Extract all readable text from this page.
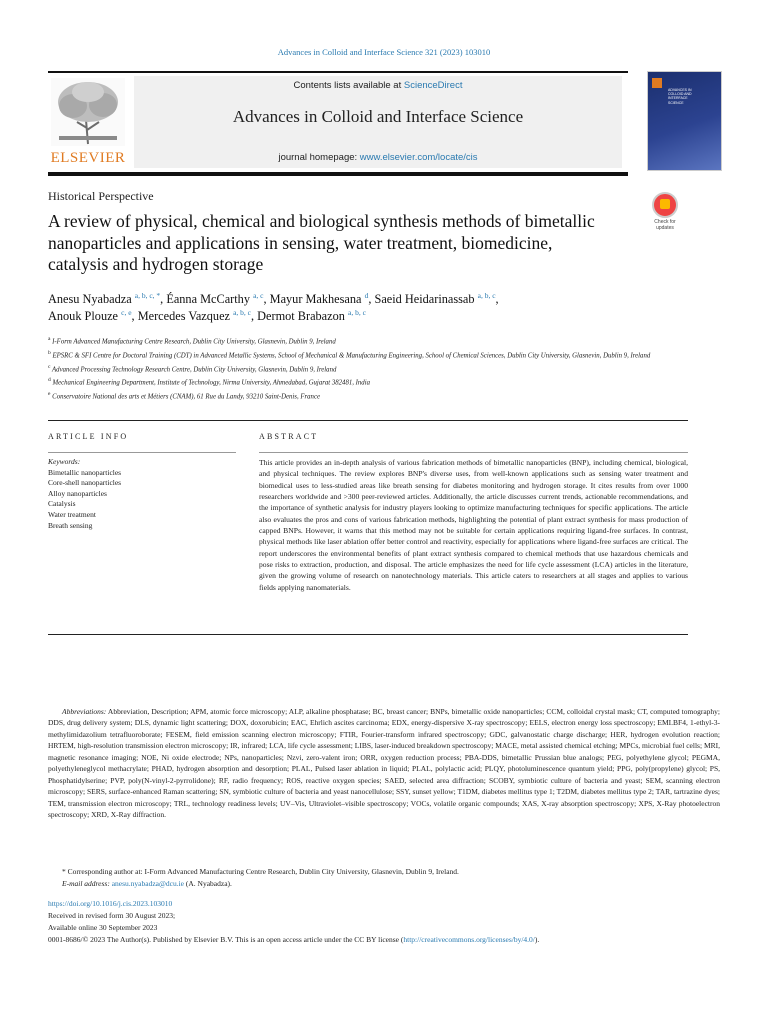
Advances in Colloid and Interface Science 321 (2023) 103010
ELSEVIER
Contents lists available at ScienceDirect
Advances in Colloid and Interface Science
journal homepage: www.elsevier.com/locate/cis
ADVANCES IN
COLLOID AND
INTERFACE
SCIENCE
Historical Perspective
A review of physical, chemical and biological synthesis methods of bimetallic nanoparticles and applications in sensing, water treatment, biomedicine, catalysis and hydrogen storage
Check for
updates
Anesu Nyabadza $^{a, b, c, *}$, Éanna McCarthy $^{a, c}$, Mayur Makhesana $^d$, Saeid Heidarinassab $^{a, b, c}$,
Anouk Plouze $^{c, e}$, Mercedes Vazquez $^{a, b, c}$, Dermot Brabazon $^{a, b, c}$
$^a$ I-Form Advanced Manufacturing Centre Research, Dublin City University, Glasnevin, Dublin 9, Ireland
$^b$ EPSRC & SFI Centre for Doctoral Training (CDT) in Advanced Metallic Systems, School of Mechanical & Manufacturing Engineering, School of Chemical Sciences, Dublin City University, Glasnevin, Dublin 9, Ireland
$^c$ Advanced Processing Technology Research Centre, Dublin City University, Glasnevin, Dublin 9, Ireland
$^d$ Mechanical Engineering Department, Institute of Technology, Nirma University, Ahmedabad, Gujarat 382481, India
$^e$ Conservatoire National des arts et Métiers (CNAM), 61 Rue du Landy, 93210 Saint-Denis, France
ARTICLE INFO	ABSTRACT
Keywords:
Bimetallic nanoparticles
Core-shell nanoparticles
Alloy nanoparticles
Catalysis
Water treatment
Breath sensing
This article provides an in-depth analysis of various fabrication methods of bimetallic nanoparticles (BNP), including chemical, biological, and physical techniques. The review explores BNP's diverse uses, from well-known applications such as sensing water treatment and biomedical uses to less-studied areas like breath sensing for diabetes monitoring and hydrogen storage. It cites results from over 1000 researchers worldwide and >300 peer-reviewed articles. Additionally, the article discusses current trends, actionable recommendations, and the importance of synthetic analysis for industry players looking to optimize manufacturing techniques for specific applications. The article also evaluates the pros and cons of various fabrication methods, highlighting the potential of plant extract synthesis for mass production of capped BNPs. However, it warns that this method may not be suitable for certain applications requiring ligand-free surfaces. In contrast, physical methods like laser ablation offer better control and reactivity, especially for applications where ligand-free surfaces are critical. The report underscores the environmental benefits of plant extract synthesis compared to chemical methods that use hazardous chemicals and pose risks to extraction, production, and disposal. The article emphasizes the need for life cycle assessment (LCA) articles in the literature, given the growing volume of research on nanotechnology materials. This article caters to researchers at all stages and applies to various fields applying nanomaterials.
Abbreviations: Abbreviation, Description; APM, atomic force microscopy; ALP, alkaline phosphatase; BC, breast cancer; BNPs, bimetallic oxide nanoparticles; CCM, colloidal crystal mask; CT, computed tomography; DDS, drug delivery system; DLS, dynamic light scattering; DOX, doxorubicin; EAC, Ehrlich ascites carcinoma; EDX, energy-dispersive X-ray spectroscopy; EELS, electron energy loss spectroscopy; EMI.BF4, 1-ethyl-3-methylimidazolium tetrafluoroborate; FESEM, field emission scanning electron microscopy; FTIR, Fourier-transform infrared spectroscopy; GDC, galvanostatic charge discharge; HER, hydrogen evolution reaction; HRTEM, high-resolution transmission electron microscopy; IR, infrared; LCA, life cycle assessment; LIBS, laser-induced breakdown spectroscopy; MACE, metal assisted chemical etching; MPCs, microbial fuel cells; MRI, magnetic resonance imaging; NOE, Ni oxide electrode; NPs, nanoparticles; Nzvi, zero-valent iron; ORR, oxygen reduction process; PBA-DDS, bimetallic Prussian blue analogs; PEG, polyethylene glycol; PEGMA, polyethyleneglycol methacrylate; PHAD, hydrogen absorption and desorption; PLAL, Pulsed laser ablation in liquid; PLAL, polylactic acid; PLQY, photoluminescence quantum yield; PPG, poly(propylene) glycol; PS, Phosphatidylserine; PVP, poly(N-vinyl-2-pyrrolidone); RF, radio frequency; ROS, reactive oxygen species; SAED, selected area diffraction; SCOBY, symbiotic culture of bacteria and yeast; SEM, scanning electron microscopy; SERS, surface-enhanced Raman scattering; SN, symbiotic culture of bacteria and yeast nanocellulose; SSY, sunset yellow; T1DM, diabetes mellitus type 1; T2DM, diabetes mellitus type 2; TAR, tartrazine dyes; TEM, transmission electron microscopy; TRL, technology readiness levels; UV–Vis, Ultraviolet–visible spectroscopy; VOCs, volatile organic compounds; XAS, X-ray absorption spectroscopy; XPS, X-Ray photoelectron spectroscopy; XRD, X-Ray diffraction.
* Corresponding author at: I-Form Advanced Manufacturing Centre Research, Dublin City University, Glasnevin, Dublin 9, Ireland.
E-mail address: anesu.nyabadza@dcu.ie (A. Nyabadza).
https://doi.org/10.1016/j.cis.2023.103010
Received in revised form 30 August 2023;
Available online 30 September 2023
0001-8686/© 2023 The Author(s). Published by Elsevier B.V. This is an open access article under the CC BY license (http://creativecommons.org/licenses/by/4.0/).
